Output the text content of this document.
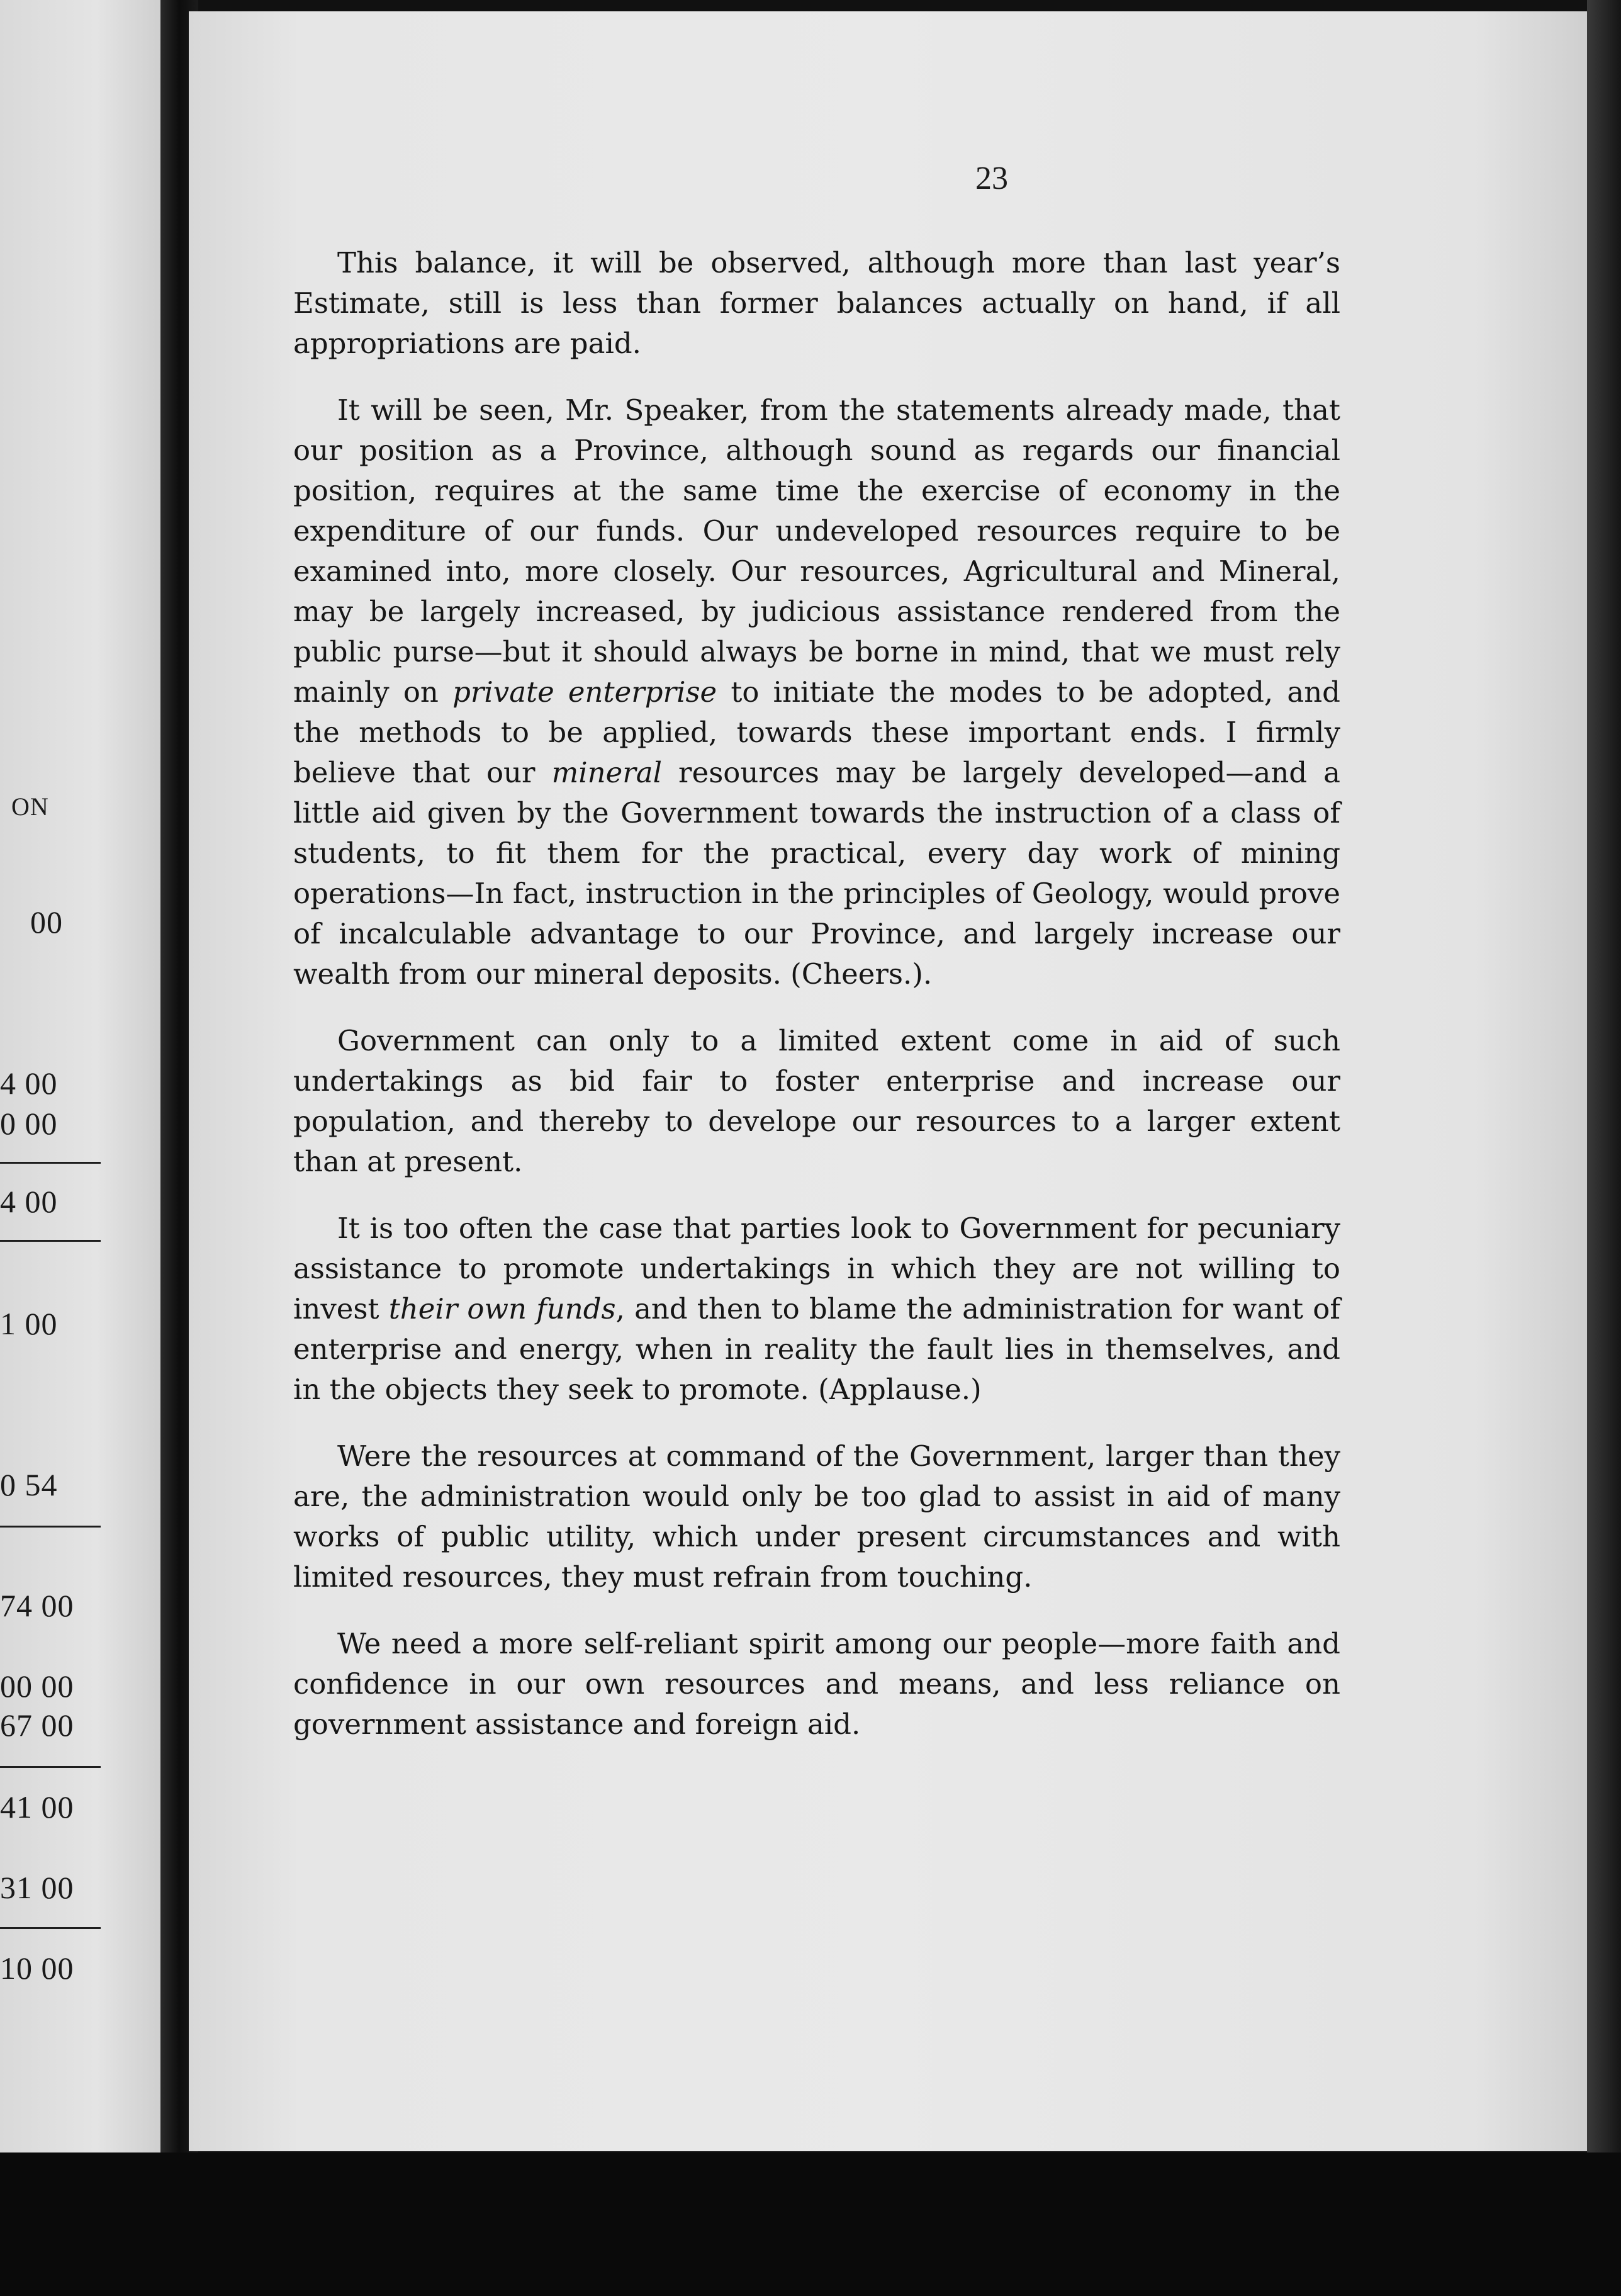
ON
00
4 00
0 00
4 00
1 00
0 54
74 00
00 00
67 00
41 00
31 00
10 00
23

This balance, it will be observed, although more than last year’s Estimate, still is less than former balances actually on hand, if all appropriations are paid.

It will be seen, Mr. Speaker, from the statements already made, that our position as a Province, although sound as regards our financial position, requires at the same time the exercise of economy in the expenditure of our funds. Our undeveloped resources require to be examined into, more closely. Our resources, Agricultural and Mineral, may be largely increased, by judicious assistance rendered from the public purse—but it should always be borne in mind, that we must rely mainly on private enterprise to initiate the modes to be adopted, and the methods to be applied, towards these important ends. I firmly believe that our mineral resources may be largely developed—and a little aid given by the Government towards the instruction of a class of students, to fit them for the practical, every day work of mining operations—In fact, instruction in the principles of Geology, would prove of incalculable advantage to our Province, and largely increase our wealth from our mineral deposits. (Cheers.).

Government can only to a limited extent come in aid of such undertakings as bid fair to foster enterprise and increase our population, and thereby to develope our resources to a larger extent than at present.

It is too often the case that parties look to Government for pecuniary assistance to promote undertakings in which they are not willing to invest their own funds, and then to blame the administration for want of enterprise and energy, when in reality the fault lies in themselves, and in the objects they seek to promote. (Applause.)

Were the resources at command of the Government, larger than they are, the administration would only be too glad to assist in aid of many works of public utility, which under present circumstances and with limited resources, they must refrain from touching.

We need a more self-reliant spirit among our people—more faith and confidence in our own resources and means, and less reliance on government assistance and foreign aid.
